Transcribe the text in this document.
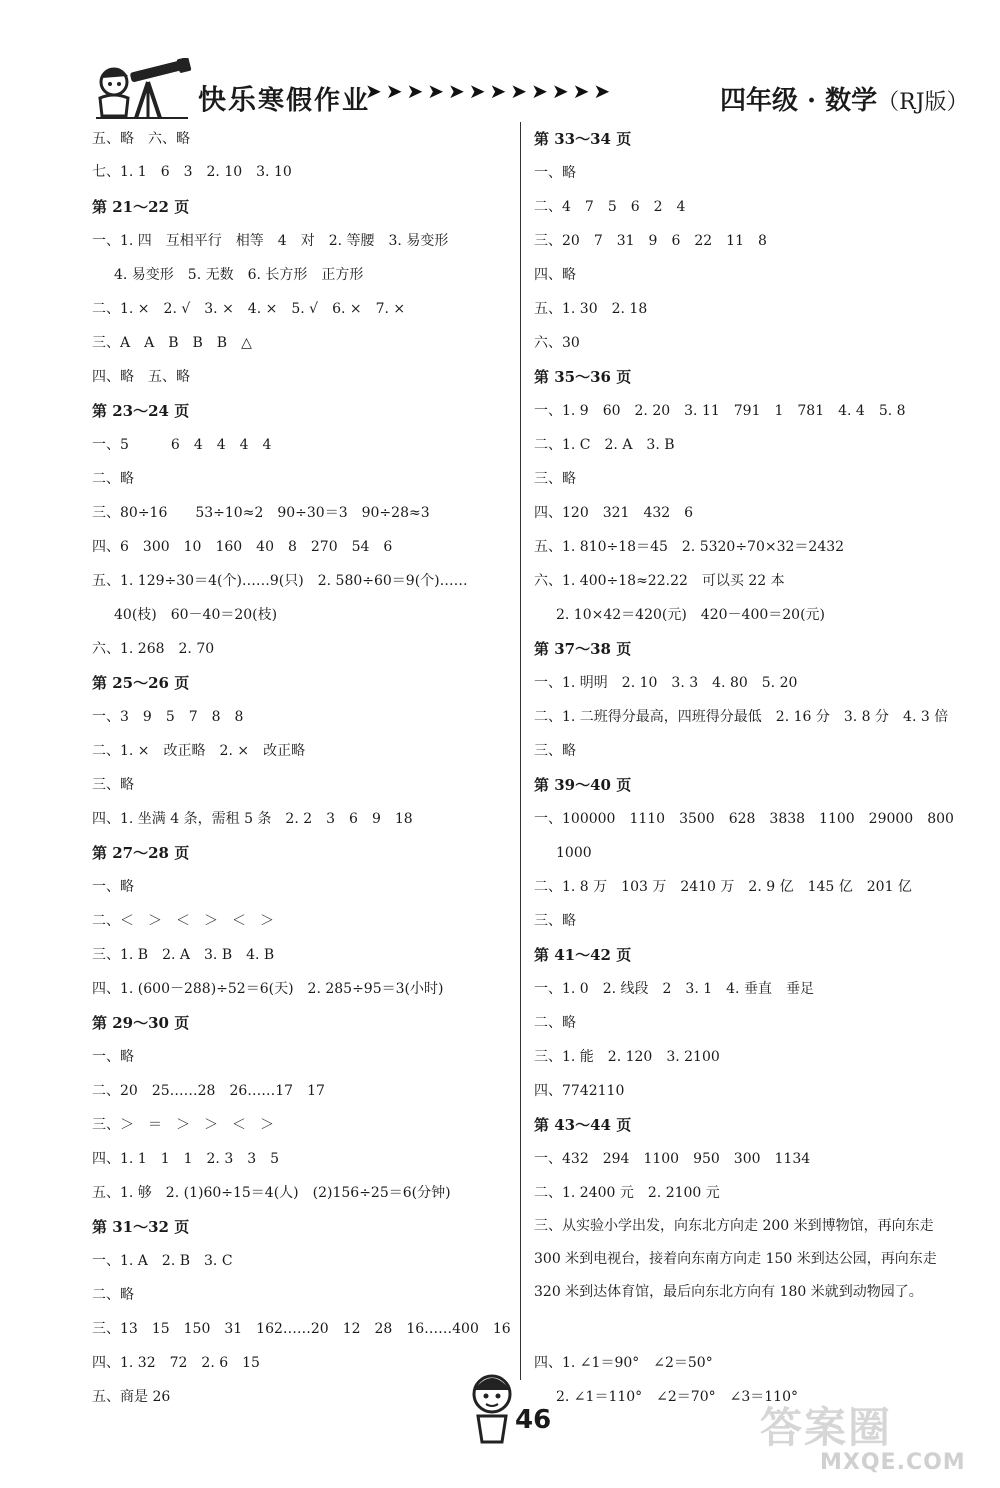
快乐寒假作业
➤➤➤➤➤➤➤➤➤➤➤➤	四年级 · 数学（RJ版）
五、略　六、略
七、1. 1　6　3　2. 10　3. 10
第 21～22 页
一、1. 四　互相平行　相等　4　对　2. 等腰　3. 易变形
4. 易变形　5. 无数　6. 长方形　正方形
二、1. ×　2. √　3. ×　4. ×　5. √　6. ×　7. ×
三、A　A　B　B　B　△
四、略　五、略
第 23～24 页
一、5　　　6　4　4　4　4
二、略
三、80÷16　　53÷10≈2　90÷30＝3　90÷28≈3
四、6　300　10　160　40　8　270　54　6
五、1. 129÷30＝4(个)……9(只)　2. 580÷60＝9(个)……
40(枝)　60－40＝20(枝)
六、1. 268　2. 70
第 25～26 页
一、3　9　5　7　8　8
二、1. ×　改正略　2. ×　改正略
三、略
四、1. 坐满 4 条，需租 5 条　2. 2　3　6　9　18
第 27～28 页
一、略
二、＜　＞　＜　＞　＜　＞
三、1. B　2. A　3. B　4. B
四、1. (600－288)÷52＝6(天)　2. 285÷95＝3(小时)
第 29～30 页
一、略
二、20　25……28　26……17　17
三、＞　＝　＞　＞　＜　＞
四、1. 1　1　1　2. 3　3　5
五、1. 够　2. (1)60÷15＝4(人)　(2)156÷25＝6(分钟)
第 31～32 页
一、1. A　2. B　3. C
二、略
三、13　15　150　31　162……20　12　28　16……400　16
四、1. 32　72　2. 6　15
五、商是 26
第 33～34 页
一、略
二、4　7　5　6　2　4
三、20　7　31　9　6　22　11　8
四、略
五、1. 30　2. 18
六、30
第 35～36 页
一、1. 9　60　2. 20　3. 11　791　1　781　4. 4　5. 8
二、1. C　2. A　3. B
三、略
四、120　321　432　6
五、1. 810÷18＝45　2. 5320÷70×32＝2432
六、1. 400÷18≈22.22　可以买 22 本
2. 10×42＝420(元)　420－400＝20(元)
第 37～38 页
一、1. 明明　2. 10　3. 3　4. 80　5. 20
二、1. 二班得分最高，四班得分最低　2. 16 分　3. 8 分　4. 3 倍
三、略
第 39～40 页
一、100000　1110　3500　628　3838　1100　29000　800
1000
二、1. 8 万　103 万　2410 万　2. 9 亿　145 亿　201 亿
三、略
第 41～42 页
一、1. 0　2. 线段　2　3. 1　4. 垂直　垂足
二、略
三、1. 能　2. 120　3. 2100
四、7742110
第 43～44 页
一、432　294　1100　950　300　1134
二、1. 2400 元　2. 2100 元
三、从实验小学出发，向东北方向走 200 米到博物馆，再向东走 300 米到电视台，接着向东南方向走 150 米到达公园，再向东走 320 米到达体育馆，最后向东北方向有 180 米就到动物园了。
四、1. ∠1＝90°　∠2＝50°
2. ∠1＝110°　∠2＝70°　∠3＝110°
46	答案圈
MXQE.COM
